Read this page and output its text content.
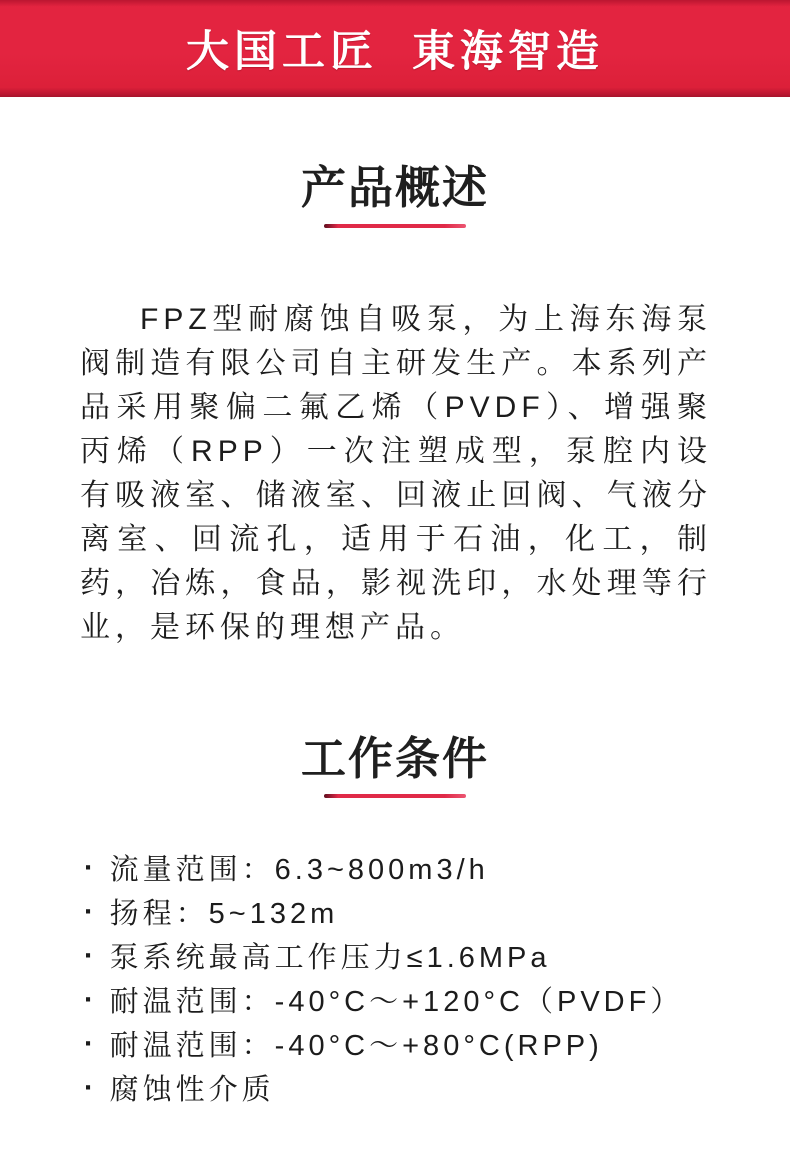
大国工匠  東海智造
产品概述

FPZ型耐腐蚀自吸泵，为上海东海泵阀制造有限公司自主研发生产。本系列产品采用聚偏二氟乙烯（PVDF）、增强聚丙烯（RPP）一次注塑成型，泵腔内设有吸液室、储液室、回液止回阀、气液分离室、回流孔，适用于石油，化工，制药，冶炼，食品，影视洗印，水处理等行业，是环保的理想产品。

工作条件
· 流量范围：6.3~800m3/h
· 扬程：5~132m
· 泵系统最高工作压力≤1.6MPa
· 耐温范围：-40°C～+120°C（PVDF）
· 耐温范围：-40°C～+80°C(RPP)
· 腐蚀性介质
